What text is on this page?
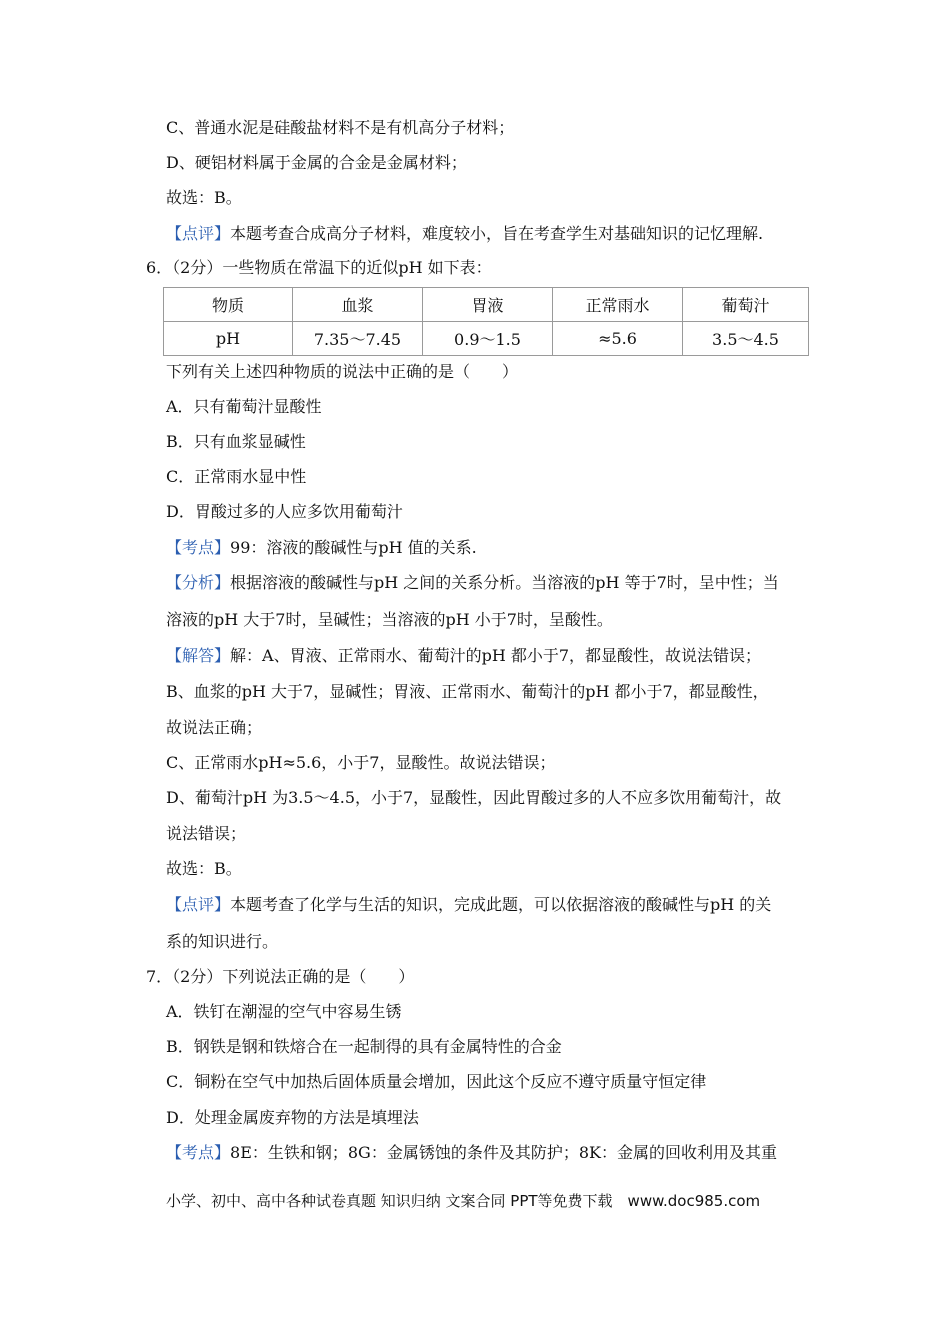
C、普通水泥是硅酸盐材料不是有机高分子材料；
D、硬铝材料属于金属的合金是金属材料；
故选：B。
【点评】本题考查合成高分子材料，难度较小，旨在考查学生对基础知识的记忆理解.
6．（2分）一些物质在常温下的近似pH 如下表：
物质	血浆	胃液	正常雨水	葡萄汁
pH	7.35～7.45	0.9～1.5	≈5.6	3.5～4.5
下列有关上述四种物质的说法中正确的是（　　）
A．只有葡萄汁显酸性
B．只有血浆显碱性
C．正常雨水显中性
D．胃酸过多的人应多饮用葡萄汁
【考点】99：溶液的酸碱性与pH 值的关系.
【分析】根据溶液的酸碱性与pH 之间的关系分析。当溶液的pH 等于7时，呈中性；当
溶液的pH 大于7时，呈碱性；当溶液的pH 小于7时，呈酸性。
【解答】解：A、胃液、正常雨水、葡萄汁的pH 都小于7，都显酸性，故说法错误；
B、血浆的pH 大于7，显碱性；胃液、正常雨水、葡萄汁的pH 都小于7，都显酸性，
故说法正确；
C、正常雨水pH≈5.6，小于7，显酸性。故说法错误；
D、葡萄汁pH 为3.5～4.5，小于7，显酸性，因此胃酸过多的人不应多饮用葡萄汁，故
说法错误；
故选：B。
【点评】本题考查了化学与生活的知识，完成此题，可以依据溶液的酸碱性与pH 的关
系的知识进行。
7．（2分）下列说法正确的是（　　）
A．铁钉在潮湿的空气中容易生锈
B．钢铁是钢和铁熔合在一起制得的具有金属特性的合金
C．铜粉在空气中加热后固体质量会增加，因此这个反应不遵守质量守恒定律
D．处理金属废弃物的方法是填埋法
【考点】8E：生铁和钢；8G：金属锈蚀的条件及其防护；8K：金属的回收利用及其重
小学、初中、高中各种试卷真题 知识归纳 文案合同 PPT等免费下载　www.doc985.com
